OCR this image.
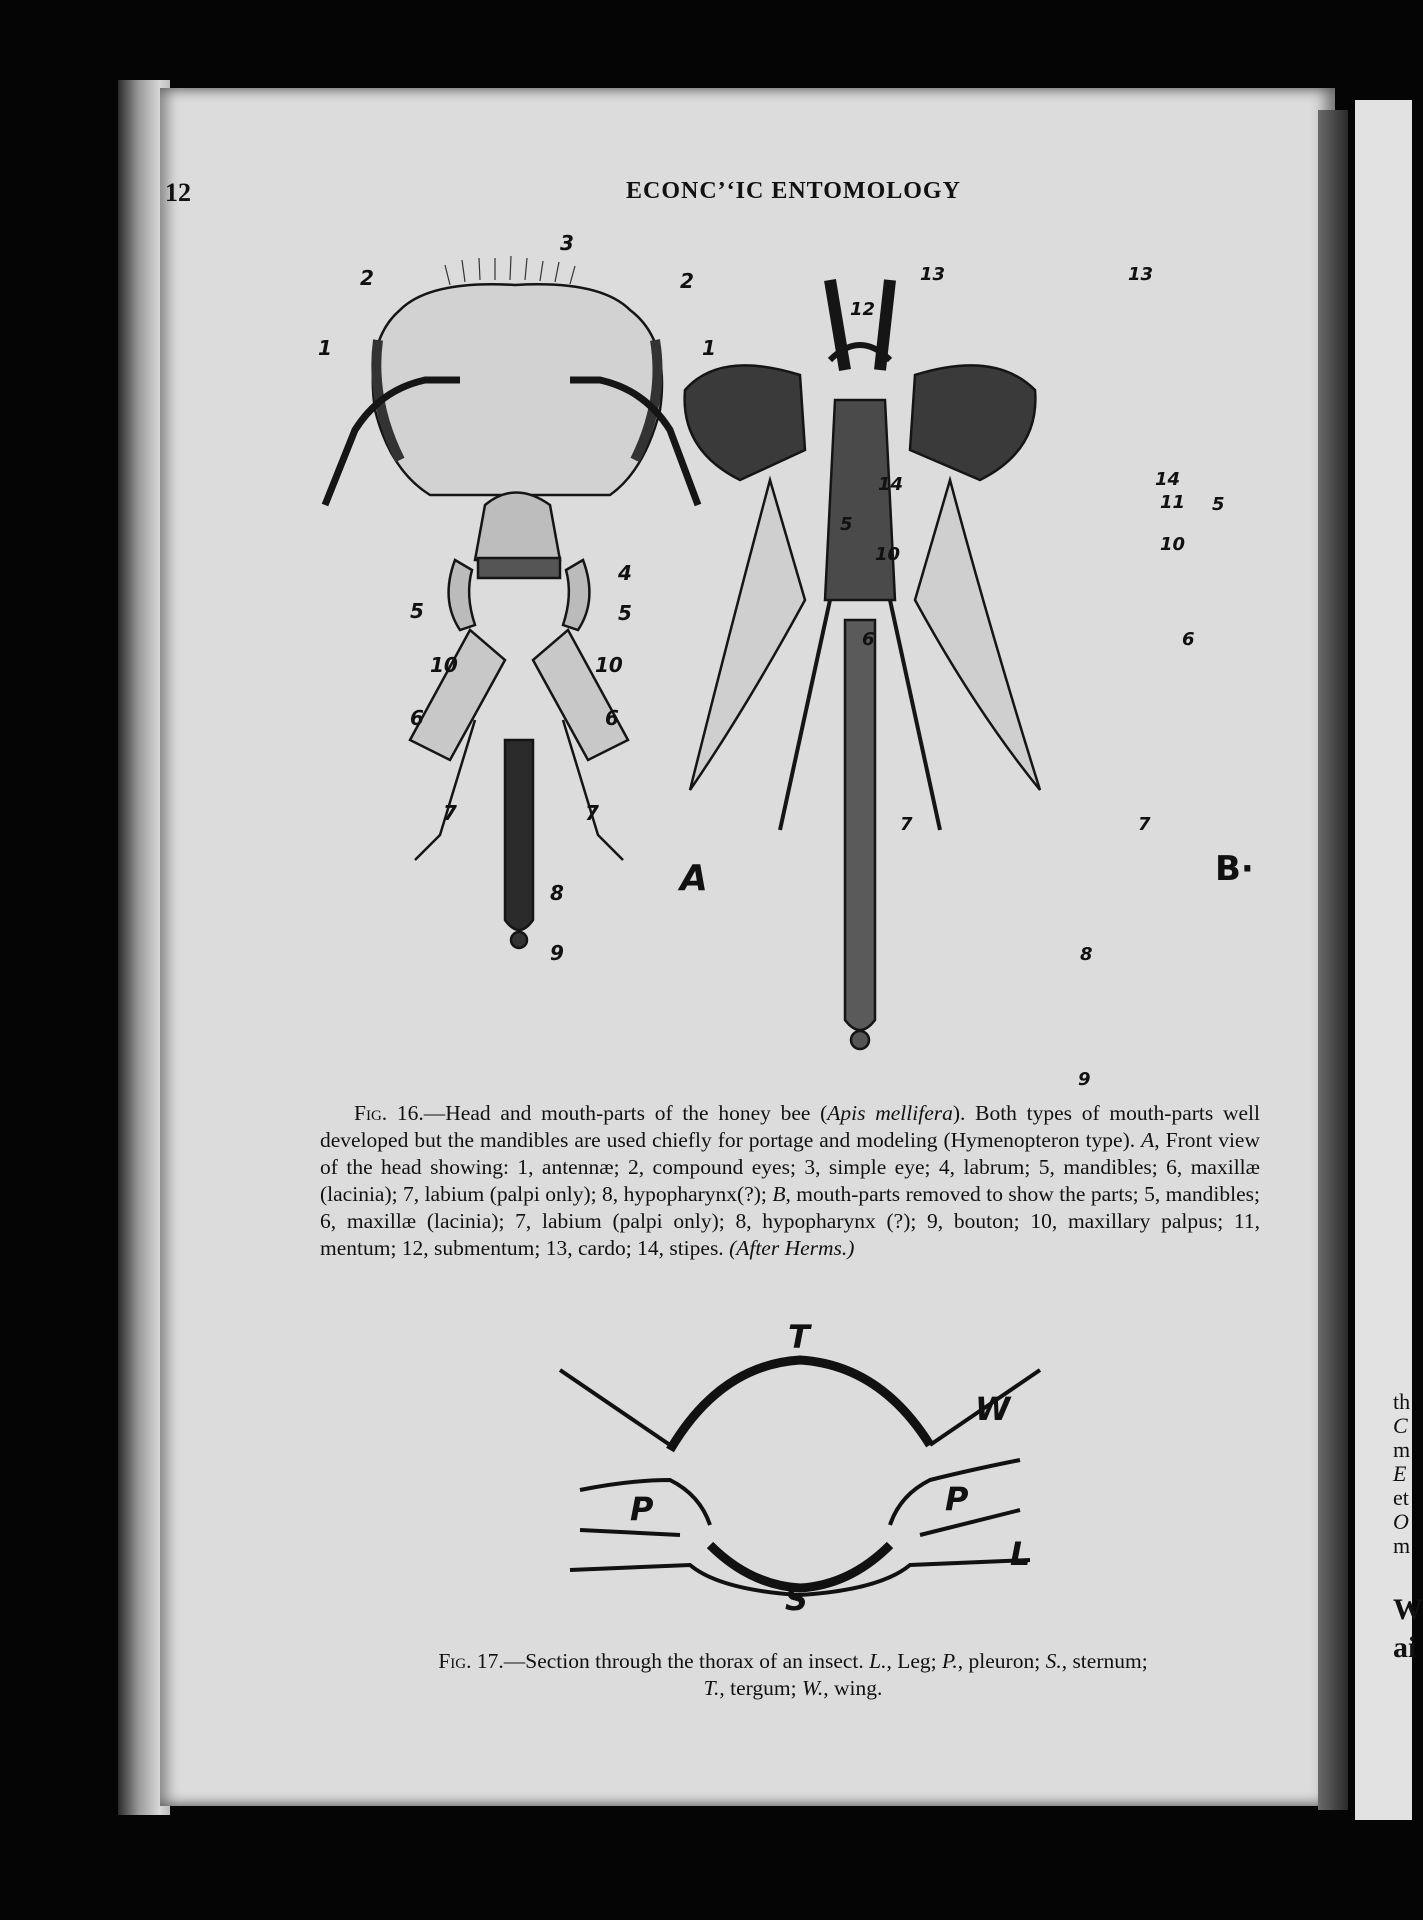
th
C
m
E
et
O
m
W
ai
12	ECONC’‘IC ENTOMOLOGY
1
2
3
2
1
4
5	5
10	10
6	6
7	7
8
9
A
13
12
13
5
14	14
11 5
10	10
6	6
7	7
8
9
B·
Fig. 16.—Head and mouth-parts of the honey bee (Apis mellifera). Both types of mouth-parts well developed but the mandibles are used chiefly for portage and modeling (Hymenopteron type). A, Front view of the head showing: 1, antennæ; 2, compound eyes; 3, simple eye; 4, labrum; 5, mandibles; 6, maxillæ (lacinia); 7, labium (palpi only); 8, hypopharynx(?); B, mouth-parts removed to show the parts; 5, mandibles; 6, maxillæ (lacinia); 7, labium (palpi only); 8, hypopharynx (?); 9, bouton; 10, maxillary palpus; 11, mentum; 12, submentum; 13, cardo; 14, stipes. (After Herms.)
T
W
P	P
L
S
Fig. 17.—Section through the thorax of an insect. L., Leg; P., pleuron; S., sternum;
T., tergum; W., wing.
